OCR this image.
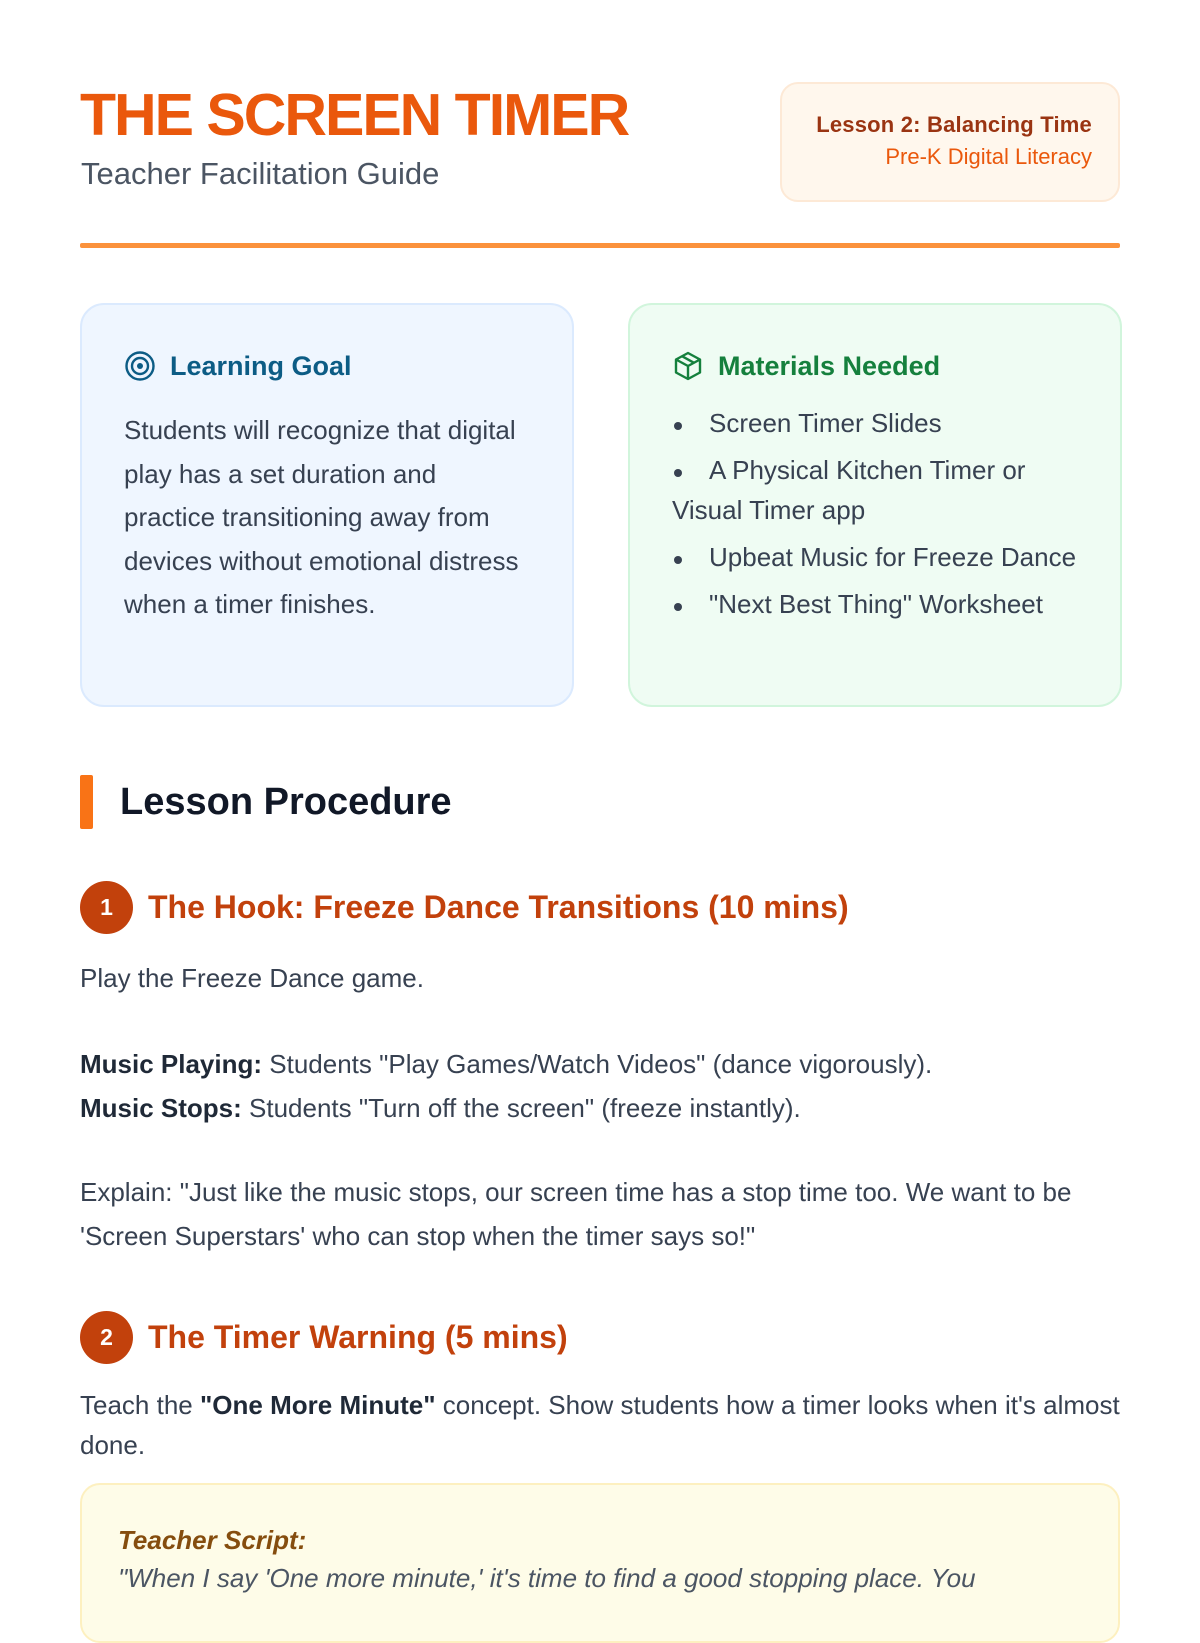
THE SCREEN TIMER
Teacher Facilitation Guide
Lesson 2: Balancing Time
Pre-K Digital Literacy
Learning Goal

Students will recognize that digital play has a set duration and practice transitioning away from devices without emotional distress when a timer finishes.

Materials Needed
Screen Timer Slides
A Physical Kitchen Timer or Visual Timer app
Upbeat Music for Freeze Dance
"Next Best Thing" Worksheet
Lesson Procedure
1	The Hook: Freeze Dance Transitions (10 mins)

Play the Freeze Dance game.

Music Playing: Students "Play Games/Watch Videos" (dance vigorously).
Music Stops: Students "Turn off the screen" (freeze instantly).

Explain: "Just like the music stops, our screen time has a stop time too. We want to be 'Screen Superstars' who can stop when the timer says so!"

2	The Timer Warning (5 mins)

Teach the "One More Minute" concept. Show students how a timer looks when it's almost done.

Teacher Script:
"When I say 'One more minute,' it's time to find a good stopping place. You
